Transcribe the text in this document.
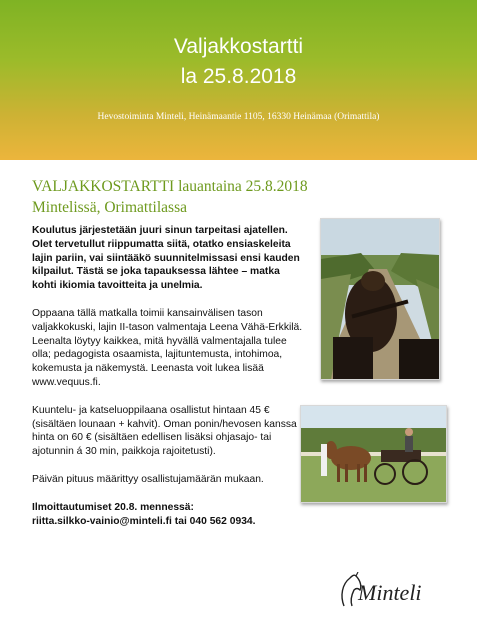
Valjakkostartti
la 25.8.2018
Hevostoiminta Minteli, Heinämaantie 1105, 16330 Heinämaa (Orimattila)
VALJAKKOSTARTTI lauantaina 25.8.2018
Mintelissä, Orimattilassa

Koulutus järjestetään juuri sinun tarpeitasi ajatellen. Olet tervetullut riippumatta siitä, otatko ensiaskeleita lajin pariin, vai siintääkö suunnitelmissasi ensi kauden kilpailut. Tästä se joka tapauksessa lähtee – matka kohti ikiomia tavoitteita ja unelmia.

Oppaana tällä matkalla toimii kansainvälisen tason valjakkokuski, lajin II-tason valmentaja Leena Vähä-Erkkilä. Leenalta löytyy kaikkea, mitä hyvällä valmentajalla tulee olla; pedagogista osaamista, lajituntemusta, intohimoa, kokemusta ja näkemystä. Leenasta voit lukea lisää www.vequus.fi.

Kuuntelu- ja katseluoppilaana osallistut hintaan 45 € (sisältäen lounaan + kahvit). Oman ponin/hevosen kanssa hinta on 60 € (sisältäen edellisen lisäksi ohjasajo- tai ajotunnin á 30 min, paikkoja rajoitetusti).

Päivän pituus määrittyy osallistujamäärän mukaan.

Ilmoittautumiset 20.8. mennessä:
riitta.silkko-vainio@minteli.fi tai 040 562 0934.
Minteli
